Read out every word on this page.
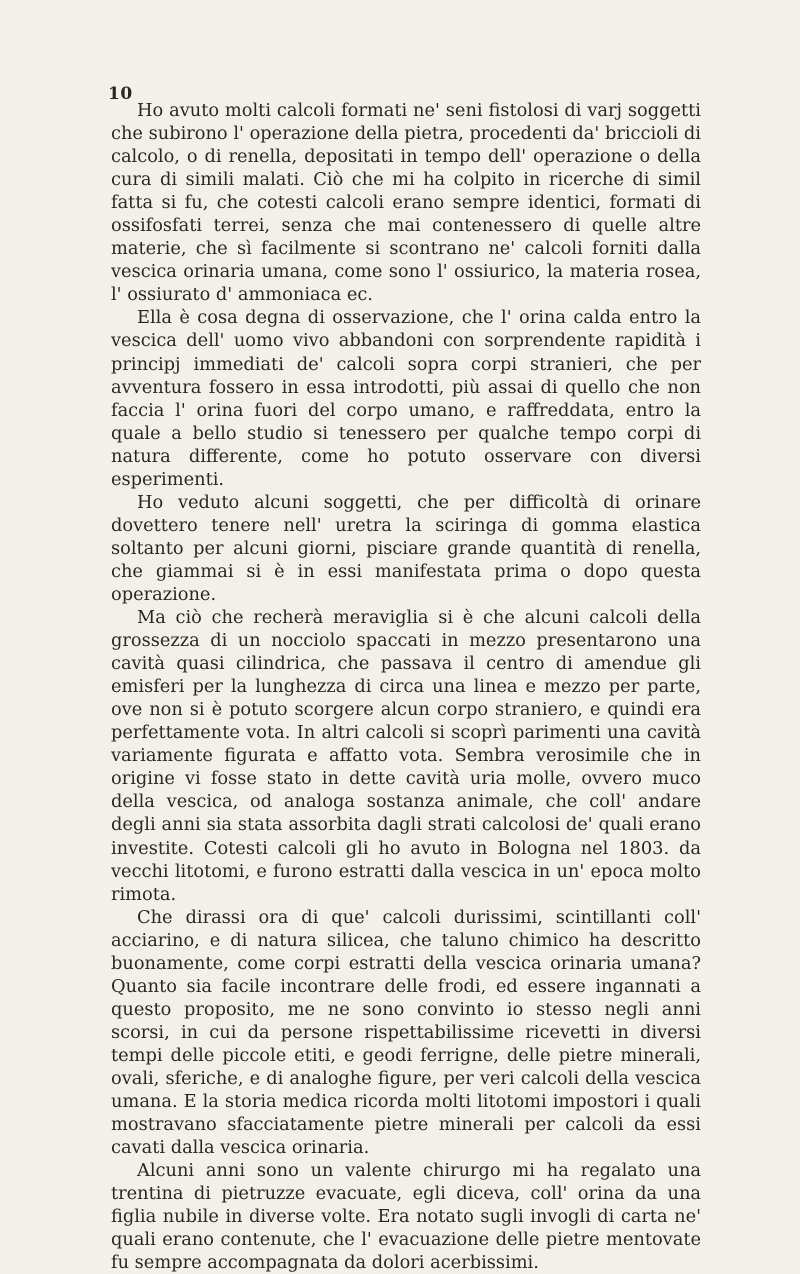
10

Ho avuto molti calcoli formati ne' seni fistolosi di varj soggetti che subirono l' operazione della pietra, procedenti da' briccioli di calcolo, o di renella, depositati in tempo dell' operazione o della cura di simili malati. Ciò che mi ha colpito in ricerche di simil fatta si fu, che cotesti calcoli erano sempre identici, formati di ossifosfati terrei, senza che mai contenessero di quelle altre materie, che sì facilmente si scontrano ne' calcoli forniti dalla vescica orinaria umana, come sono l' ossiurico, la materia rosea, l' ossiurato d' ammoniaca ec.

Ella è cosa degna di osservazione, che l' orina calda entro la vescica dell' uomo vivo abbandoni con sorprendente rapidità i principj immediati de' calcoli sopra corpi stranieri, che per avventura fossero in essa introdotti, più assai di quello che non faccia l' orina fuori del corpo umano, e raffreddata, entro la quale a bello studio si tenessero per qualche tempo corpi di natura differente, come ho potuto osservare con diversi esperimenti.

Ho veduto alcuni soggetti, che per difficoltà di orinare dovettero tenere nell' uretra la sciringa di gomma elastica soltanto per alcuni giorni, pisciare grande quantità di renella, che giammai si è in essi manifestata prima o dopo questa operazione.

Ma ciò che recherà meraviglia si è che alcuni calcoli della grossezza di un nocciolo spaccati in mezzo presentarono una cavità quasi cilindrica, che passava il centro di amendue gli emisferi per la lunghezza di circa una linea e mezzo per parte, ove non si è potuto scorgere alcun corpo straniero, e quindi era perfettamente vota. In altri calcoli si scoprì parimenti una cavità variamente figurata e affatto vota. Sembra verosimile che in origine vi fosse stato in dette cavità uria molle, ovvero muco della vescica, od analoga sostanza animale, che coll' andare degli anni sia stata assorbita dagli strati calcolosi de' quali erano investite. Cotesti calcoli gli ho avuto in Bologna nel 1803. da vecchi litotomi, e furono estratti dalla vescica in un' epoca molto rimota.

Che dirassi ora di que' calcoli durissimi, scintillanti coll' acciarino, e di natura silicea, che taluno chimico ha descritto buonamente, come corpi estratti della vescica orinaria umana? Quanto sia facile incontrare delle frodi, ed essere ingannati a questo proposito, me ne sono convinto io stesso negli anni scorsi, in cui da persone rispettabilissime ricevetti in diversi tempi delle piccole etiti, e geodi ferrigne, delle pietre minerali, ovali, sferiche, e di analoghe figure, per veri calcoli della vescica umana. E la storia medica ricorda molti litotomi impostori i quali mostravano sfacciatamente pietre minerali per calcoli da essi cavati dalla vescica orinaria.

Alcuni anni sono un valente chirurgo mi ha regalato una trentina di pietruzze evacuate, egli diceva, coll' orina da una figlia nubile in diverse volte. Era notato sugli invogli di carta ne' quali erano contenute, che l' evacuazione delle pietre mentovate fu sempre accompagnata da dolori acerbissimi.
